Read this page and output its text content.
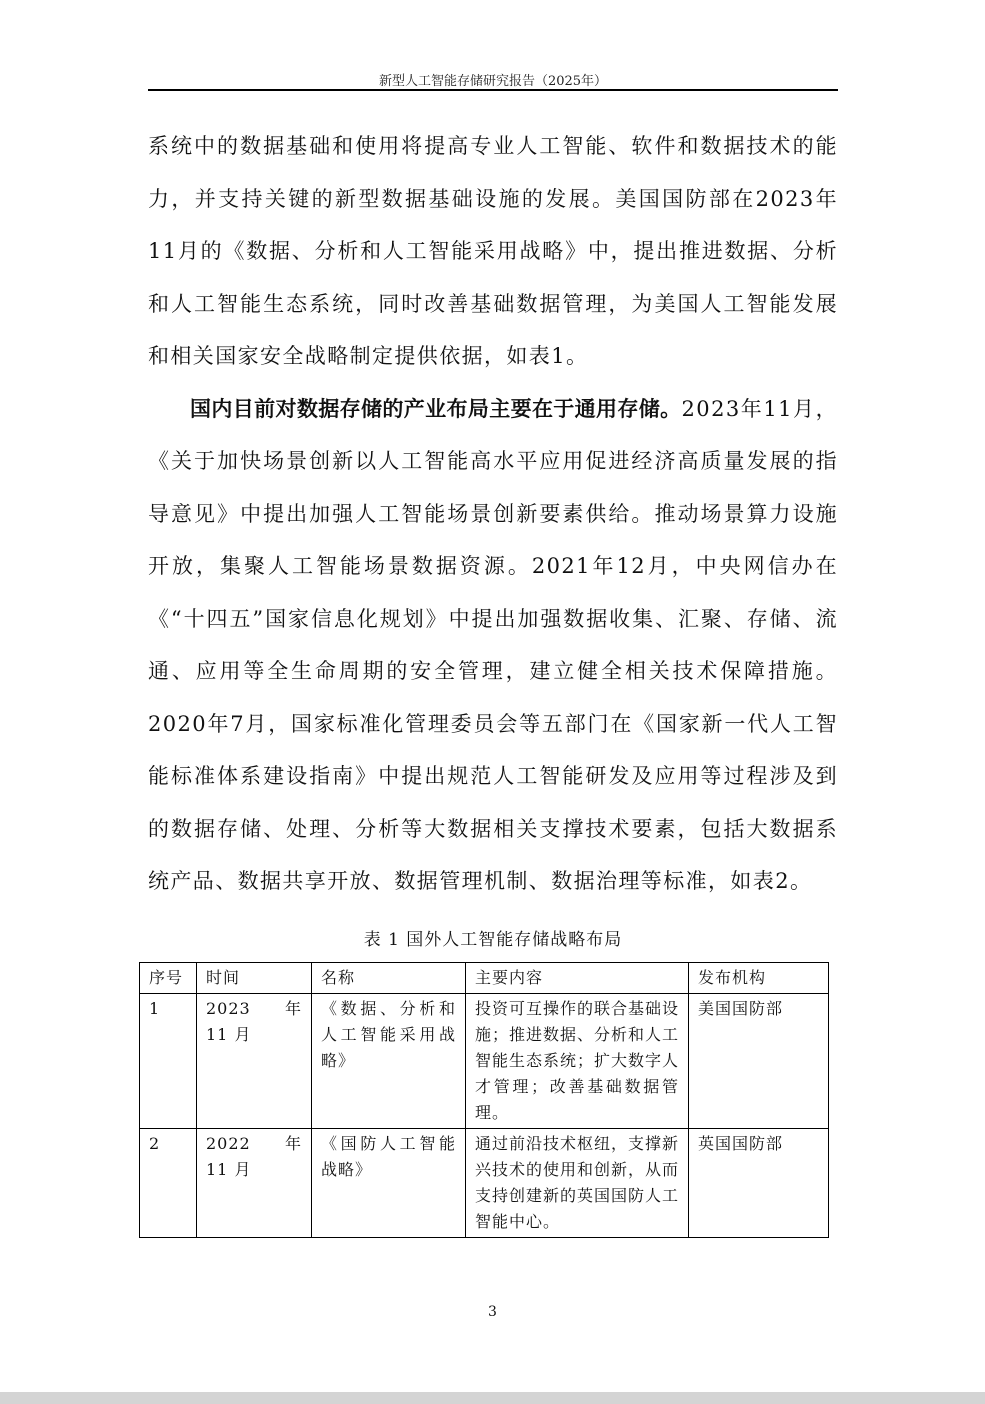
新型人工智能存储研究报告（2025年）

系统中的数据基础和使用将提高专业人工智能、软件和数据技术的能力，并支持关键的新型数据基础设施的发展。美国国防部在2023年11月的《数据、分析和人工智能采用战略》中，提出推进数据、分析和人工智能生态系统，同时改善基础数据管理，为美国人工智能发展和相关国家安全战略制定提供依据，如表1。

国内目前对数据存储的产业布局主要在于通用存储。2023年11月，《关于加快场景创新以人工智能高水平应用促进经济高质量发展的指导意见》中提出加强人工智能场景创新要素供给。推动场景算力设施开放，集聚人工智能场景数据资源。2021年12月，中央网信办在《“十四五”国家信息化规划》中提出加强数据收集、汇聚、存储、流通、应用等全生命周期的安全管理，建立健全相关技术保障措施。2020年7月，国家标准化管理委员会等五部门在《国家新一代人工智能标准体系建设指南》中提出规范人工智能研发及应用等过程涉及到的数据存储、处理、分析等大数据相关支撑技术要素，包括大数据系统产品、数据共享开放、数据管理机制、数据治理等标准，如表2。

表 1 国外人工智能存储战略布局
序号	时间	名称	主要内容	发布机构
1	2023 年 11 月	《数据、分析和人工智能采用战略》	投资可互操作的联合基础设施；推进数据、分析和人工智能生态系统；扩大数字人才管理；改善基础数据管理。	美国国防部
2	2022 年 11 月	《国防人工智能战略》	通过前沿技术枢纽，支撑新兴技术的使用和创新，从而支持创建新的英国国防人工智能中心。	英国国防部
3
